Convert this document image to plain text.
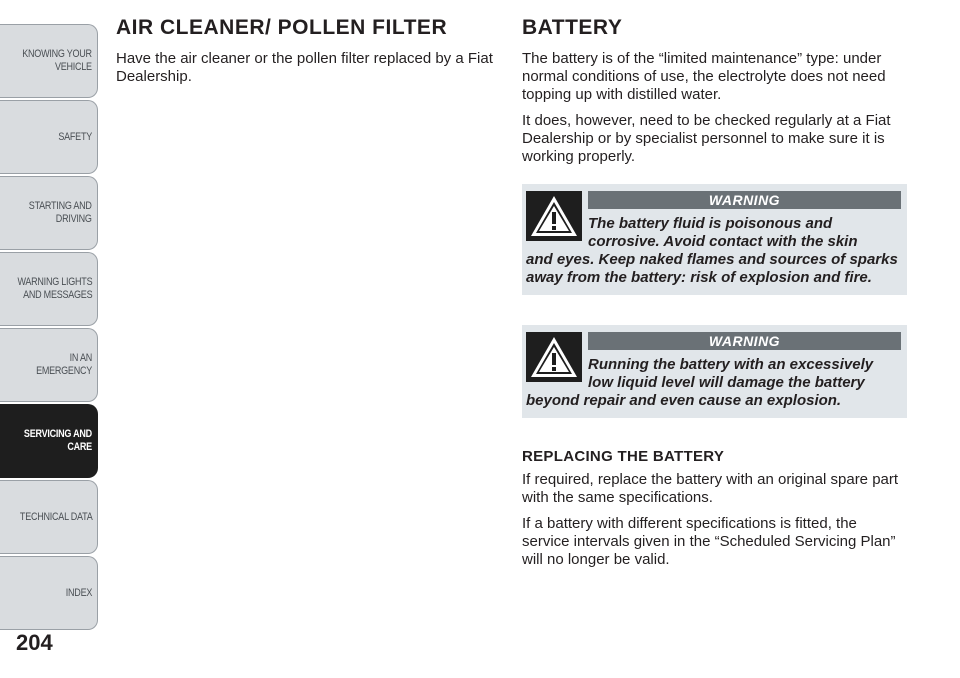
KNOWING YOUR
VEHICLE
SAFETY
STARTING AND
DRIVING
WARNING LIGHTS
AND MESSAGES
IN AN EMERGENCY
SERVICING AND
CARE
TECHNICAL DATA
INDEX
204
AIR CLEANER/ POLLEN FILTER

Have the air cleaner or the pollen filter replaced by a Fiat Dealership.

BATTERY

The battery is of the “limited maintenance” type: under normal conditions of use, the electrolyte does not need topping up with distilled water.

It does, however, need to be checked regularly at a Fiat Dealership or by specialist personnel to make sure it is working properly.

WARNING
The battery fluid is poisonous and corrosive. Avoid contact with the skin
and eyes. Keep naked flames and sources of sparks away from the battery: risk of explosion and fire.
WARNING
Running the battery with an excessively low liquid level will damage the battery
beyond repair and even cause an explosion.
REPLACING THE BATTERY

If required, replace the battery with an original spare part with the same specifications.

If a battery with different specifications is fitted, the service intervals given in the “Scheduled Servicing Plan” will no longer be valid.
